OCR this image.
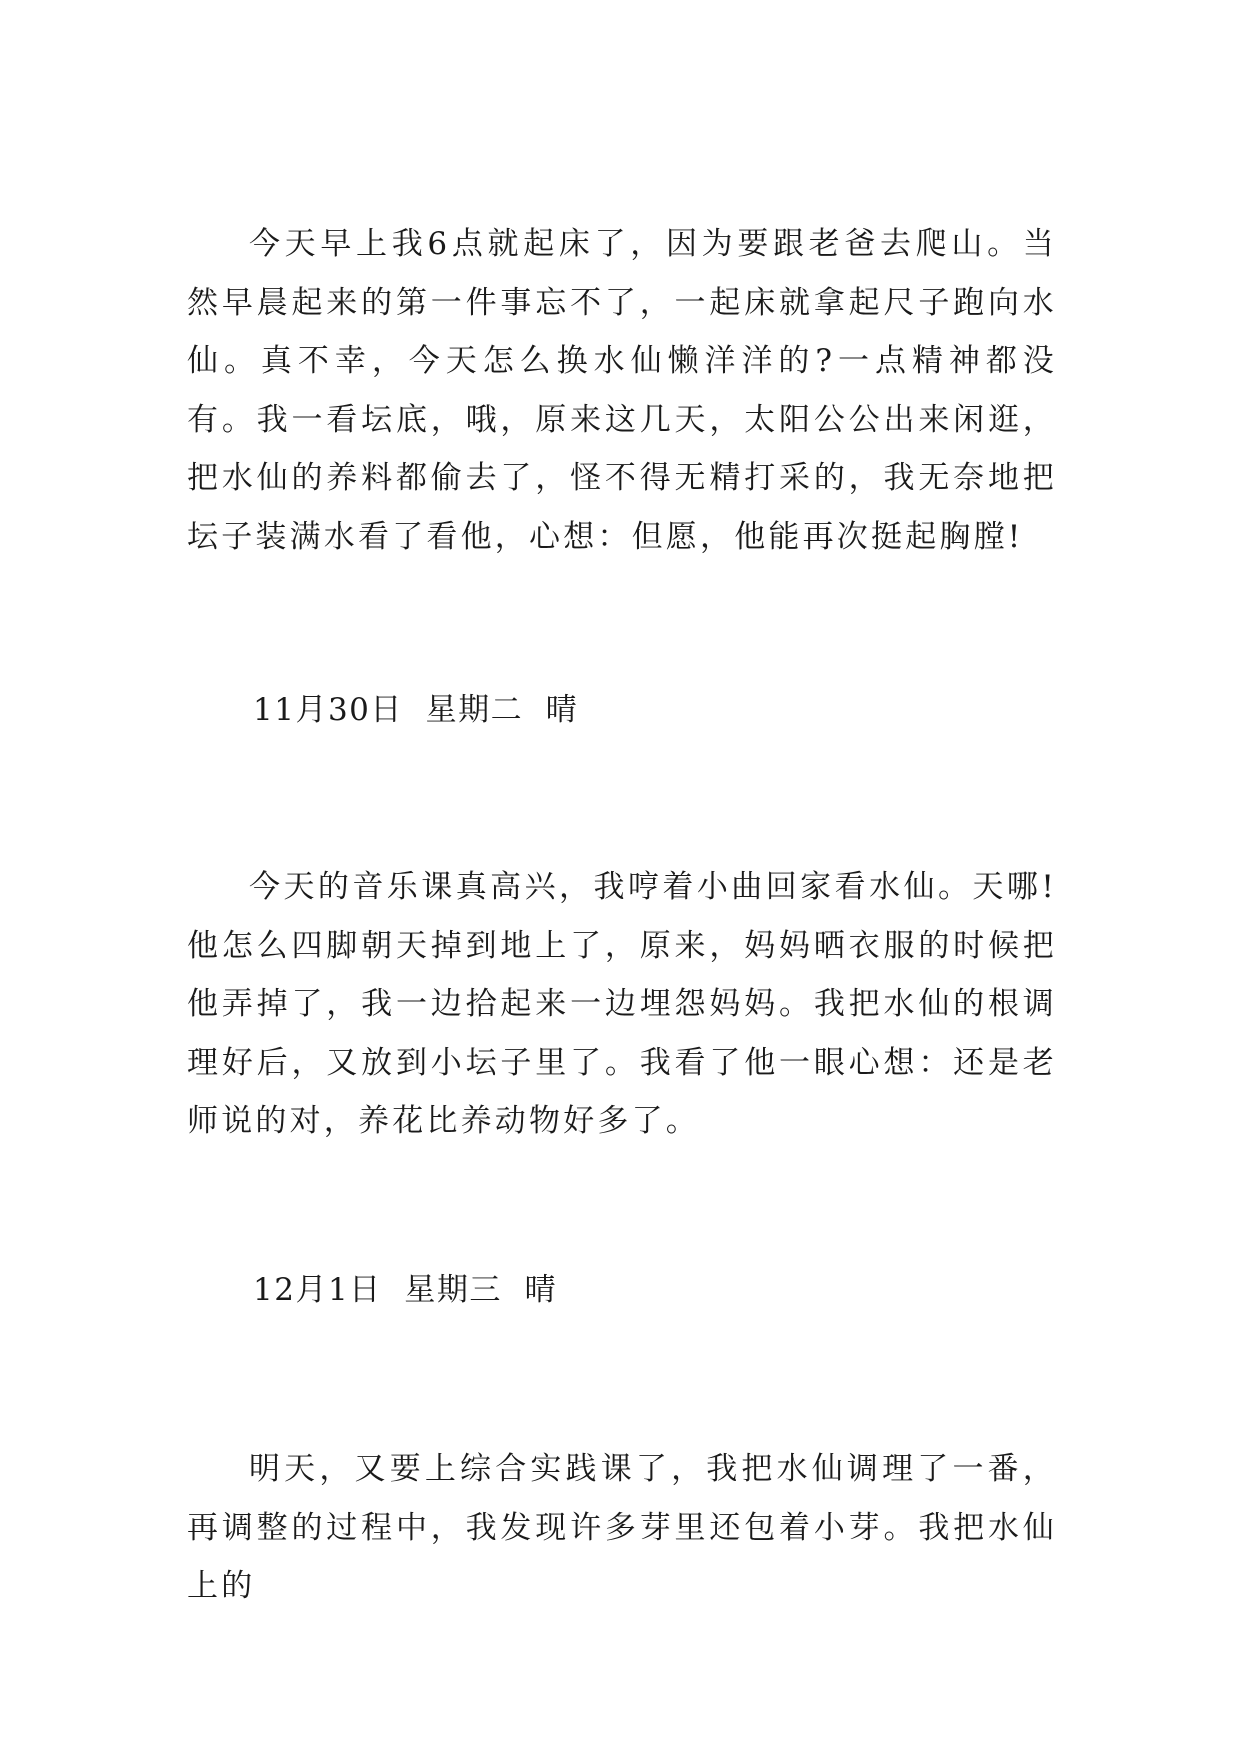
今天早上我6点就起床了，因为要跟老爸去爬山。当然早晨起来的第一件事忘不了，一起床就拿起尺子跑向水仙。真不幸，今天怎么换水仙懒洋洋的?一点精神都没有。我一看坛底，哦，原来这几天，太阳公公出来闲逛，把水仙的养料都偷去了，怪不得无精打采的，我无奈地把坛子装满水看了看他，心想：但愿，他能再次挺起胸膛!

11月30日  星期二  晴

今天的音乐课真高兴，我哼着小曲回家看水仙。天哪!他怎么四脚朝天掉到地上了，原来，妈妈晒衣服的时候把他弄掉了，我一边拾起来一边埋怨妈妈。我把水仙的根调理好后，又放到小坛子里了。我看了他一眼心想：还是老师说的对，养花比养动物好多了。

12月1日  星期三  晴

明天，又要上综合实践课了，我把水仙调理了一番，再调整的过程中，我发现许多芽里还包着小芽。我把水仙上的
